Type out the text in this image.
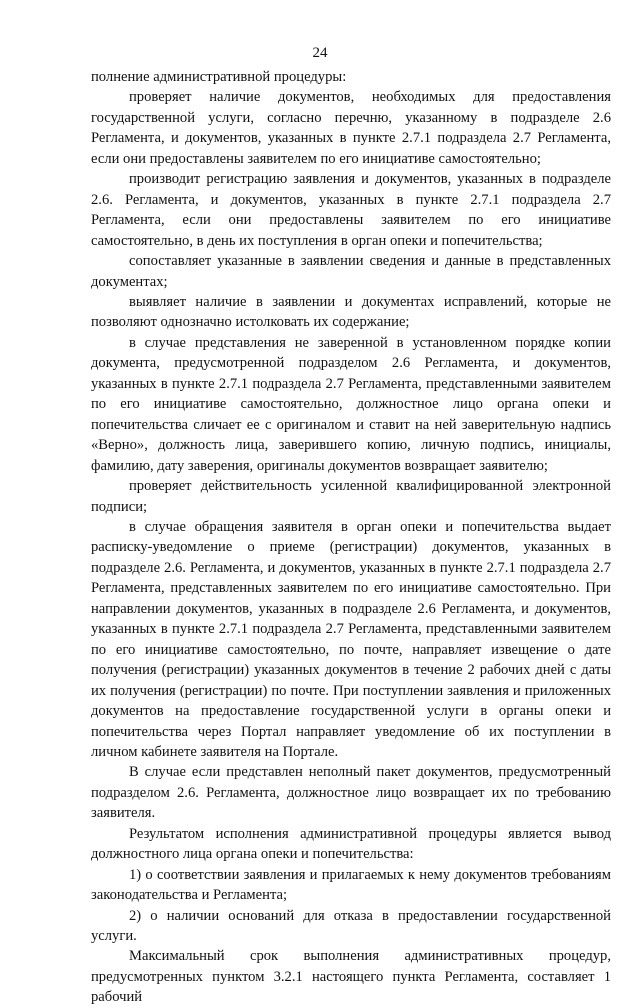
24

полнение административной процедуры:

проверяет наличие документов, необходимых для предоставления государственной услуги, согласно перечню, указанному в подразделе 2.6 Регламента, и документов, указанных в пункте 2.7.1 подраздела 2.7 Регламента, если они предоставлены заявителем по его инициативе самостоятельно;

производит регистрацию заявления и документов, указанных в подразделе 2.6. Регламента, и документов, указанных в пункте 2.7.1 подраздела 2.7 Регламента, если они предоставлены заявителем по его инициативе самостоятельно, в день их поступления в орган опеки и попечительства;

сопоставляет указанные в заявлении сведения и данные в представленных документах;

выявляет наличие в заявлении и документах исправлений, которые не позволяют однозначно истолковать их содержание;

в случае представления не заверенной в установленном порядке копии документа, предусмотренной подразделом 2.6 Регламента, и документов, указанных в пункте 2.7.1 подраздела 2.7 Регламента, представленными заявителем по его инициативе самостоятельно, должностное лицо органа опеки и попечительства сличает ее с оригиналом и ставит на ней заверительную надпись «Верно», должность лица, заверившего копию, личную подпись, инициалы, фамилию, дату заверения, оригиналы документов возвращает заявителю;

проверяет действительность усиленной квалифицированной электронной подписи;

в случае обращения заявителя в орган опеки и попечительства выдает расписку-уведомление о приеме (регистрации) документов, указанных в подразделе 2.6. Регламента, и документов, указанных в пункте 2.7.1 подраздела 2.7 Регламента, представленных заявителем по его инициативе самостоятельно. При направлении документов, указанных в подразделе 2.6 Регламента, и документов, указанных в пункте 2.7.1 подраздела 2.7 Регламента, представленными заявителем по его инициативе самостоятельно, по почте, направляет извещение о дате получения (регистрации) указанных документов в течение 2 рабочих дней с даты их получения (регистрации) по почте. При поступлении заявления и приложенных документов на предоставление государственной услуги в органы опеки и попечительства через Портал направляет уведомление об их поступлении в личном кабинете заявителя на Портале.

В случае если представлен неполный пакет документов, предусмотренный подразделом 2.6. Регламента, должностное лицо возвращает их по требованию заявителя.

Результатом исполнения административной процедуры является вывод должностного лица органа опеки и попечительства:

1) о соответствии заявления и прилагаемых к нему документов требованиям законодательства и Регламента;

2) о наличии оснований для отказа в предоставлении государственной услуги.

Максимальный срок выполнения административных процедур, предусмотренных пунктом 3.2.1 настоящего пункта Регламента, составляет 1 рабочий
